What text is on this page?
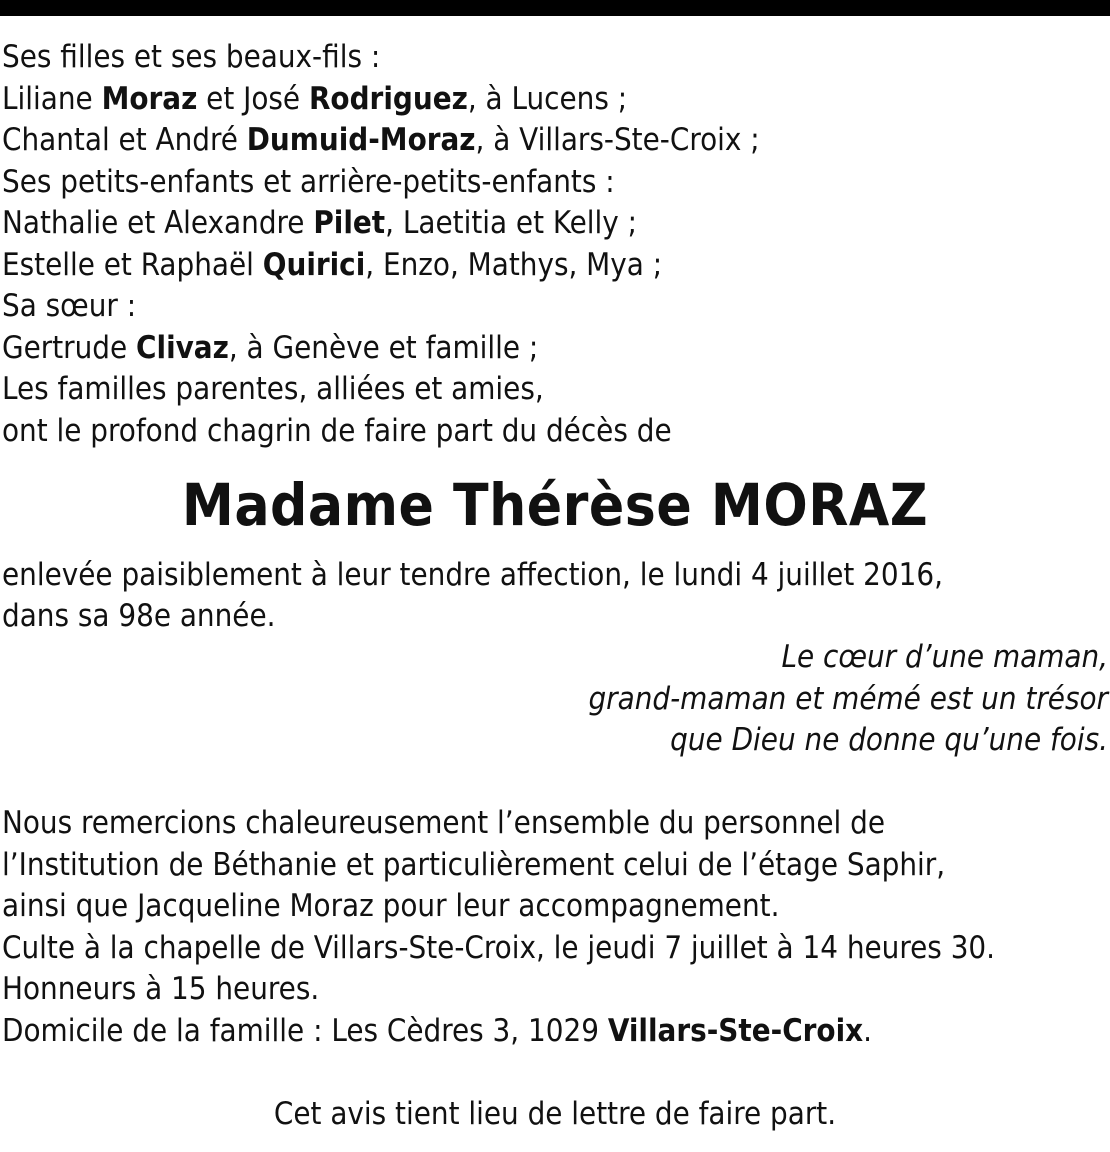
Ses filles et ses beaux-fils :
Liliane Moraz et José Rodriguez, à Lucens ;
Chantal et André Dumuid-Moraz, à Villars-Ste-Croix ;
Ses petits-enfants et arrière-petits-enfants :
Nathalie et Alexandre Pilet, Laetitia et Kelly ;
Estelle et Raphaël Quirici, Enzo, Mathys, Mya ;
Sa sœur :
Gertrude Clivaz, à Genève et famille ;
Les familles parentes, alliées et amies,
ont le profond chagrin de faire part du décès de
Madame Thérèse MORAZ
enlevée paisiblement à leur tendre affection, le lundi 4 juillet 2016,
dans sa 98e année.
Le cœur d’une maman,
grand-maman et mémé est un trésor
que Dieu ne donne qu’une fois.
Nous remercions chaleureusement l’ensemble du personnel de
l’Institution de Béthanie et particulièrement celui de l’étage Saphir,
ainsi que Jacqueline Moraz pour leur accompagnement.
Culte à la chapelle de Villars-Ste-Croix, le jeudi 7 juillet à 14 heures 30.
Honneurs à 15 heures.
Domicile de la famille : Les Cèdres 3, 1029 Villars-Ste-Croix.
Cet avis tient lieu de lettre de faire part.
